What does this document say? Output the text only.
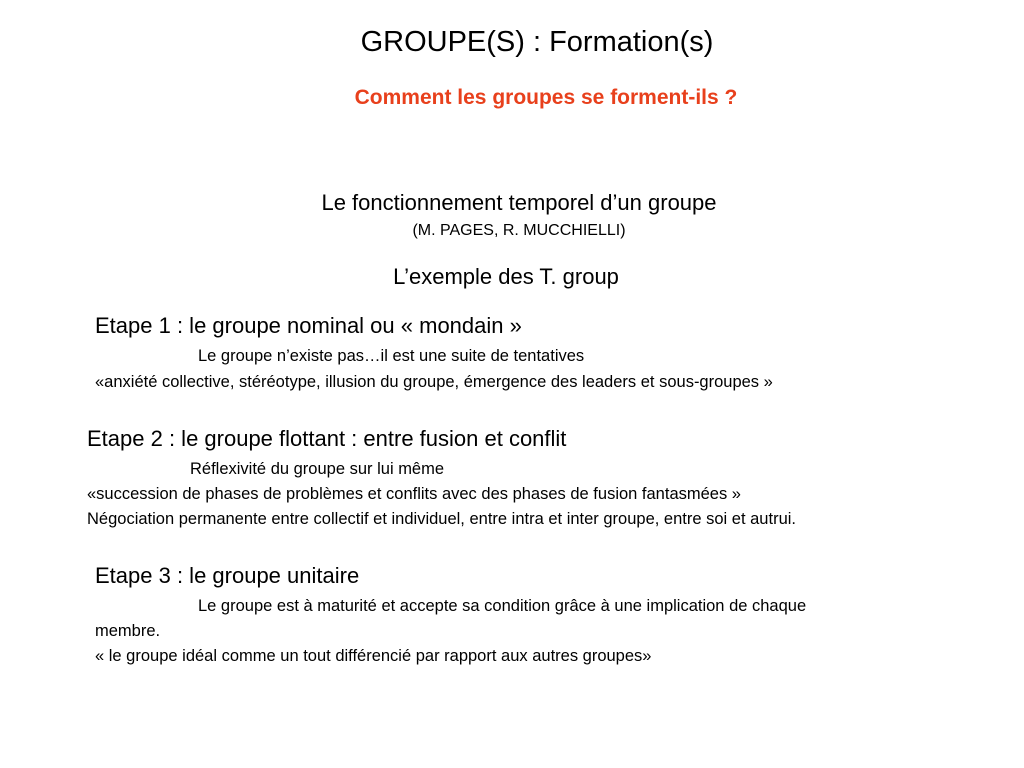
GROUPE(S) : Formation(s)
Comment les groupes se forment-ils ?
Le fonctionnement temporel d’un groupe
(M. PAGES, R. MUCCHIELLI)
L’exemple des T. group
Etape 1 : le groupe nominal ou « mondain »
Le groupe n’existe pas…il est une suite de tentatives
«anxiété collective, stéréotype, illusion du groupe, émergence des leaders et sous-groupes »
Etape 2 : le groupe flottant : entre fusion et conflit
Réflexivité du groupe sur lui même
«succession de phases de problèmes et conflits avec des phases de fusion fantasmées »
Négociation permanente entre collectif et individuel, entre intra et inter groupe, entre soi et autrui.
Etape 3 : le groupe unitaire
Le groupe est à maturité et accepte sa condition grâce à une implication de chaque
membre.
« le groupe idéal comme un tout différencié par rapport aux autres groupes»
